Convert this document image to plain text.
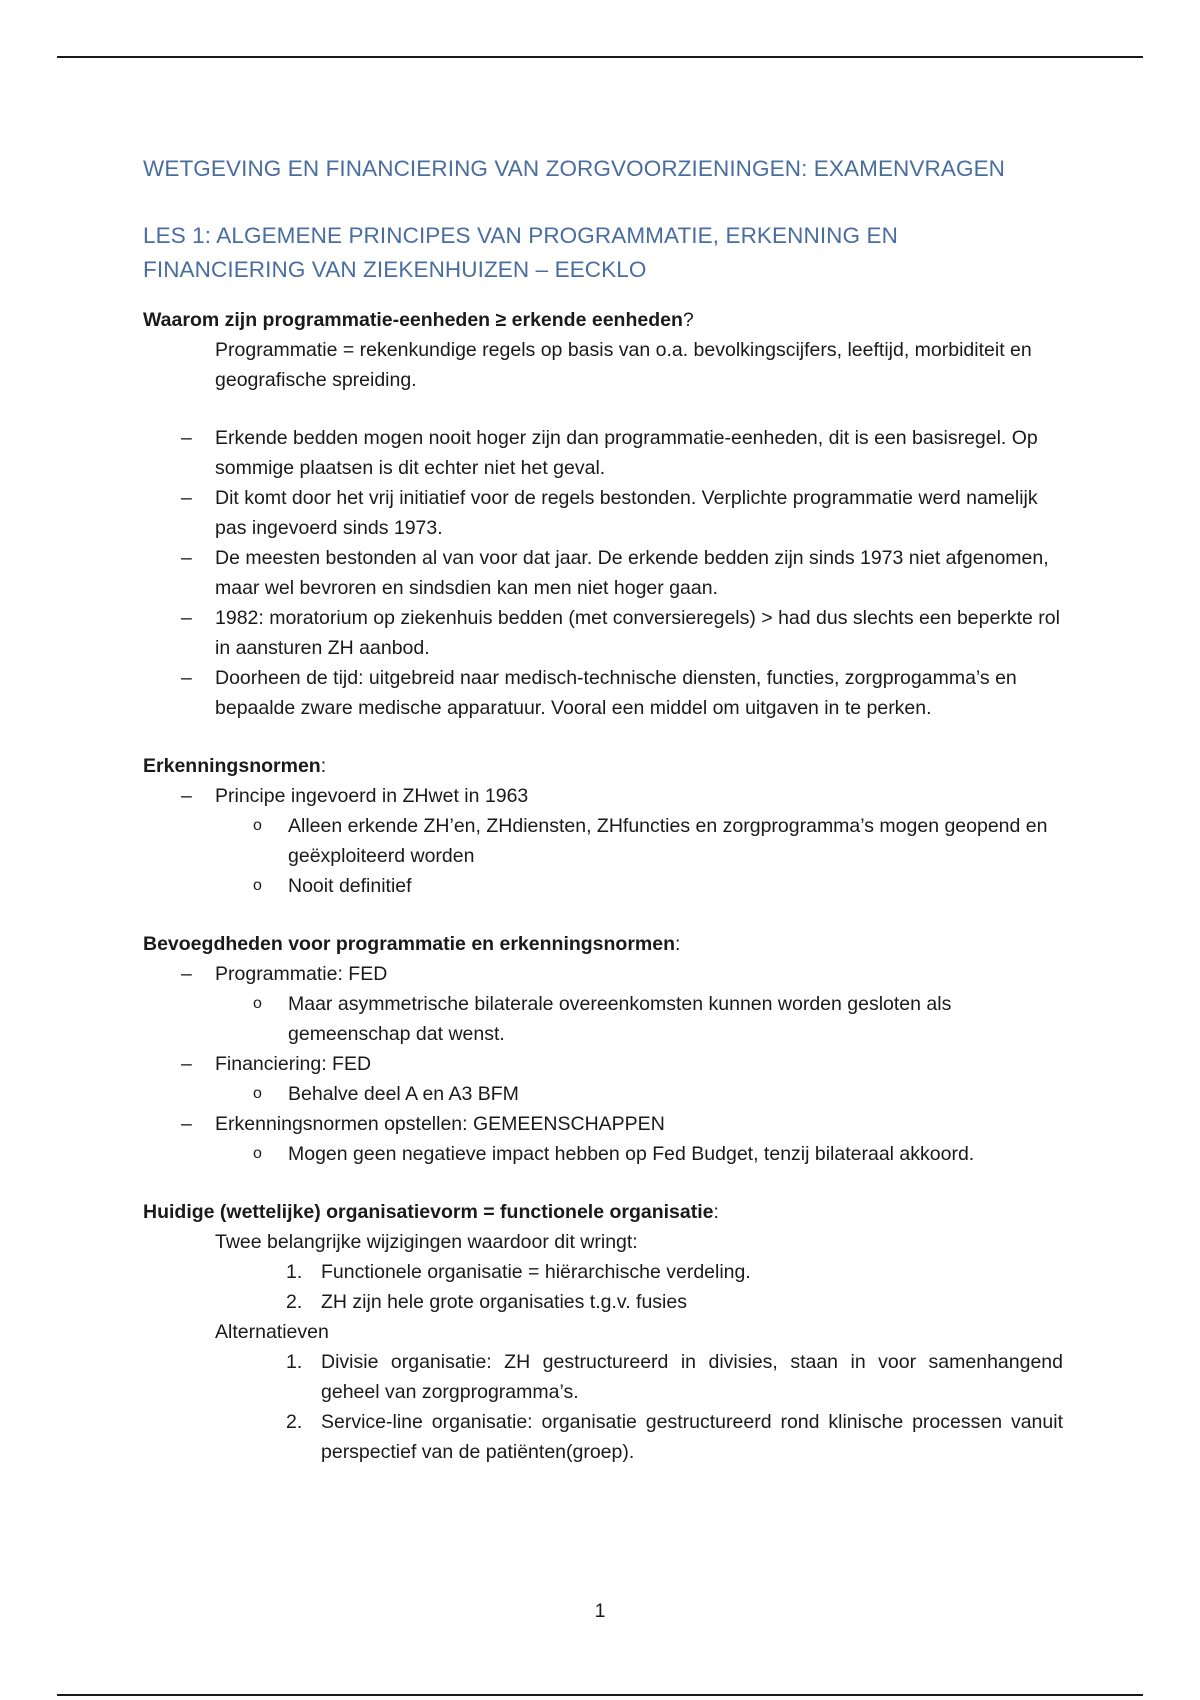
WETGEVING EN FINANCIERING VAN ZORGVOORZIENINGEN: EXAMENVRAGEN
LES 1: ALGEMENE PRINCIPES VAN PROGRAMMATIE, ERKENNING EN
FINANCIERING VAN ZIEKENHUIZEN – EECKLO

Waarom zijn programmatie-eenheden ≥ erkende eenheden?

Programmatie = rekenkundige regels op basis van o.a. bevolkingscijfers, leeftijd, morbiditeit en geografische spreiding.

– Erkende bedden mogen nooit hoger zijn dan programmatie-eenheden, dit is een basisregel. Op sommige plaatsen is dit echter niet het geval.
– Dit komt door het vrij initiatief voor de regels bestonden. Verplichte programmatie werd namelijk pas ingevoerd sinds 1973.
– De meesten bestonden al van voor dat jaar. De erkende bedden zijn sinds 1973 niet afgenomen, maar wel bevroren en sindsdien kan men niet hoger gaan.
– 1982: moratorium op ziekenhuis bedden (met conversieregels) > had dus slechts een beperkte rol in aansturen ZH aanbod.
– Doorheen de tijd: uitgebreid naar medisch-technische diensten, functies, zorgprogamma’s en bepaalde zware medische apparatuur. Vooral een middel om uitgaven in te perken.

Erkenningsnormen:

– Principe ingevoerd in ZHwet in 1963
o Alleen erkende ZH’en, ZHdiensten, ZHfuncties en zorgprogramma’s mogen geopend en geëxploiteerd worden
o Nooit definitief

Bevoegdheden voor programmatie en erkenningsnormen:

– Programmatie: FED
o Maar asymmetrische bilaterale overeenkomsten kunnen worden gesloten als gemeenschap dat wenst.
– Financiering: FED
o Behalve deel A en A3 BFM
– Erkenningsnormen opstellen: GEMEENSCHAPPEN
o Mogen geen negatieve impact hebben op Fed Budget, tenzij bilateraal akkoord.

Huidige (wettelijke) organisatievorm = functionele organisatie:

Twee belangrijke wijzigingen waardoor dit wringt:

1. Functionele organisatie = hiërarchische verdeling.
2. ZH zijn hele grote organisaties t.g.v. fusies

Alternatieven

1. Divisie organisatie: ZH gestructureerd in divisies, staan in voor samenhangend geheel van zorgprogramma’s.
2. Service-line organisatie: organisatie gestructureerd rond klinische processen vanuit perspectief van de patiënten(groep).
1
